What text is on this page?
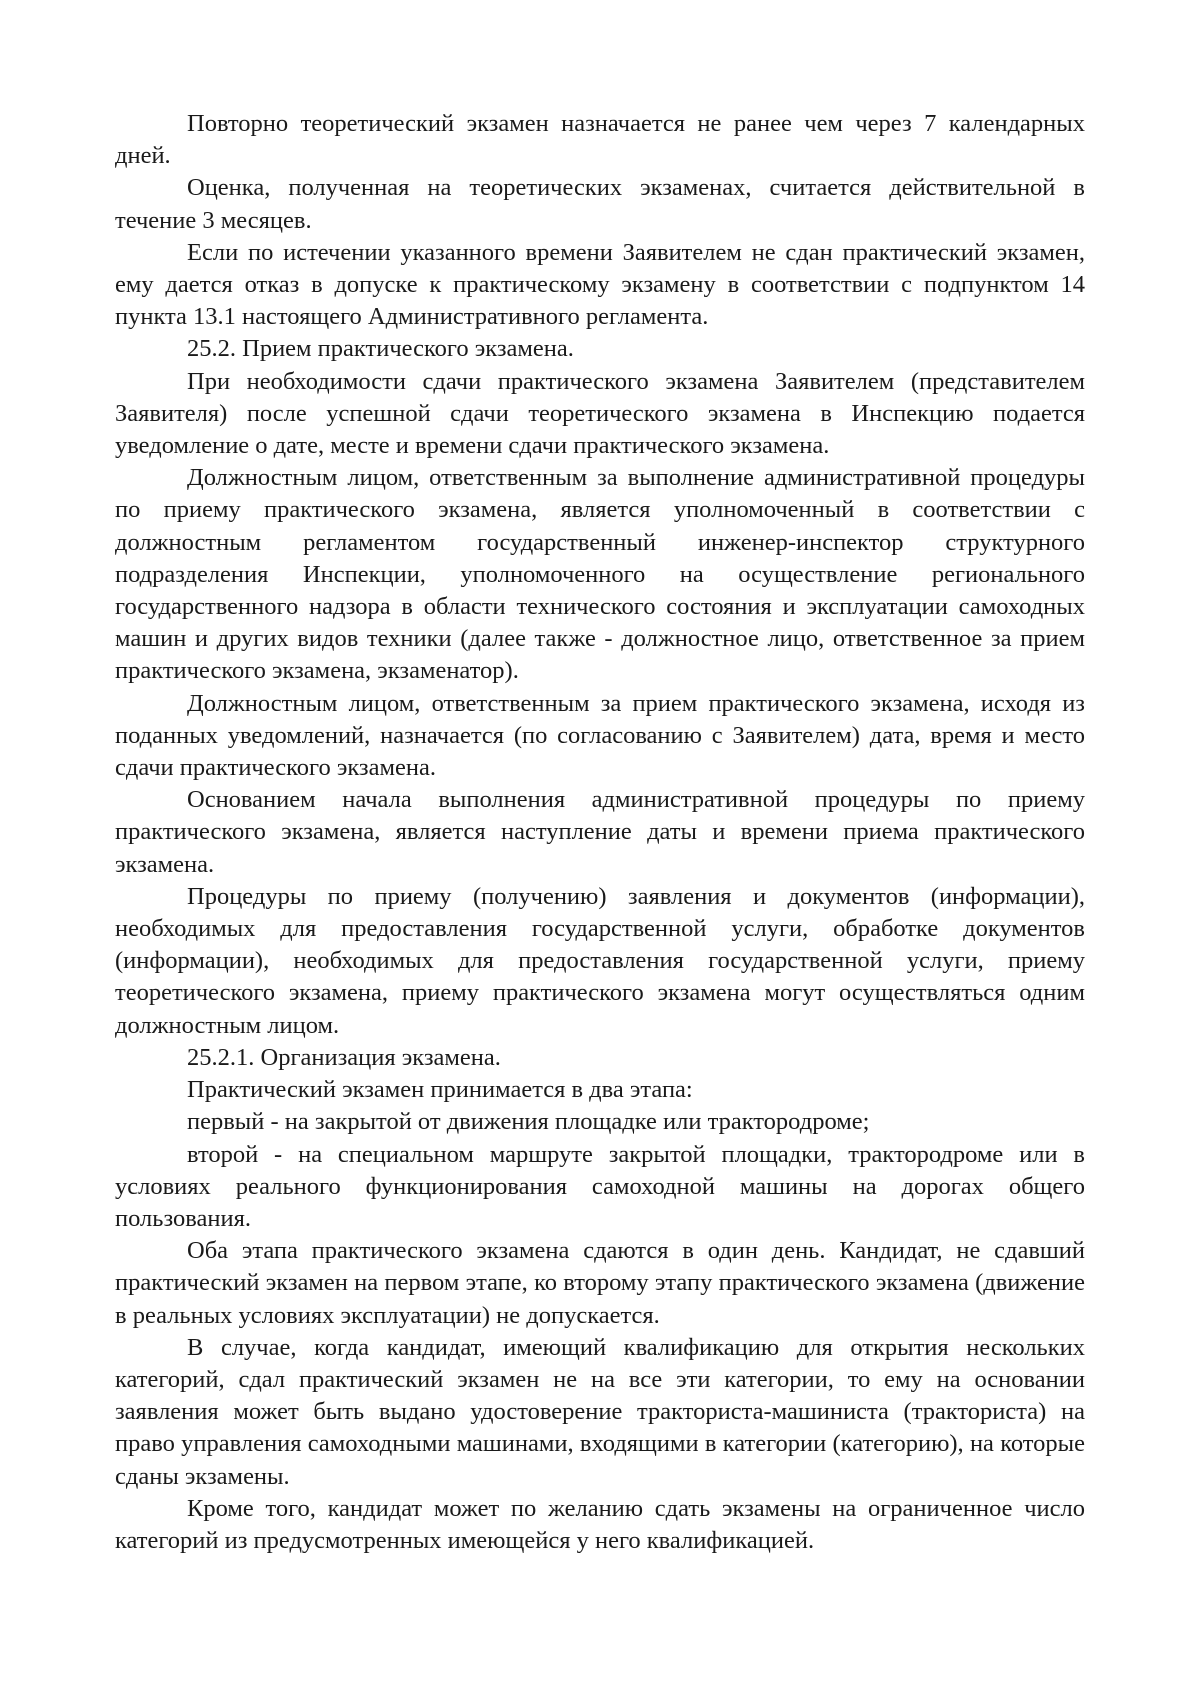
Повторно теоретический экзамен назначается не ранее чем через 7 календарных дней.

Оценка, полученная на теоретических экзаменах, считается действительной в течение 3 месяцев.

Если по истечении указанного времени Заявителем не сдан практический экзамен, ему дается отказ в допуске к практическому экзамену в соответствии с подпунктом 14 пункта 13.1 настоящего Административного регламента.

25.2. Прием практического экзамена.

При необходимости сдачи практического экзамена Заявителем (представителем Заявителя) после успешной сдачи теоретического экзамена в Инспекцию подается уведомление о дате, месте и времени сдачи практического экзамена.

Должностным лицом, ответственным за выполнение административной процедуры по приему практического экзамена, является уполномоченный в соответствии с должностным регламентом государственный инженер-инспектор структурного подразделения Инспекции, уполномоченного на осуществление регионального государственного надзора в области технического состояния и эксплуатации самоходных машин и других видов техники (далее также - должностное лицо, ответственное за прием практического экзамена, экзаменатор).

Должностным лицом, ответственным за прием практического экзамена, исходя из поданных уведомлений, назначается (по согласованию с Заявителем) дата, время и место сдачи практического экзамена.

Основанием начала выполнения административной процедуры по приему практического экзамена, является наступление даты и времени приема практического экзамена.

Процедуры по приему (получению) заявления и документов (информации), необходимых для предоставления государственной услуги, обработке документов (информации), необходимых для предоставления государственной услуги, приему теоретического экзамена, приему практического экзамена могут осуществляться одним должностным лицом.

25.2.1. Организация экзамена.

Практический экзамен принимается в два этапа:

первый - на закрытой от движения площадке или трактородроме;

второй - на специальном маршруте закрытой площадки, трактородроме или в условиях реального функционирования самоходной машины на дорогах общего пользования.

Оба этапа практического экзамена сдаются в один день. Кандидат, не сдавший практический экзамен на первом этапе, ко второму этапу практического экзамена (движение в реальных условиях эксплуатации) не допускается.

В случае, когда кандидат, имеющий квалификацию для открытия нескольких категорий, сдал практический экзамен не на все эти категории, то ему на основании заявления может быть выдано удостоверение тракториста-машиниста (тракториста) на право управления самоходными машинами, входящими в категории (категорию), на которые сданы экзамены.

Кроме того, кандидат может по желанию сдать экзамены на ограниченное число категорий из предусмотренных имеющейся у него квалификацией.
